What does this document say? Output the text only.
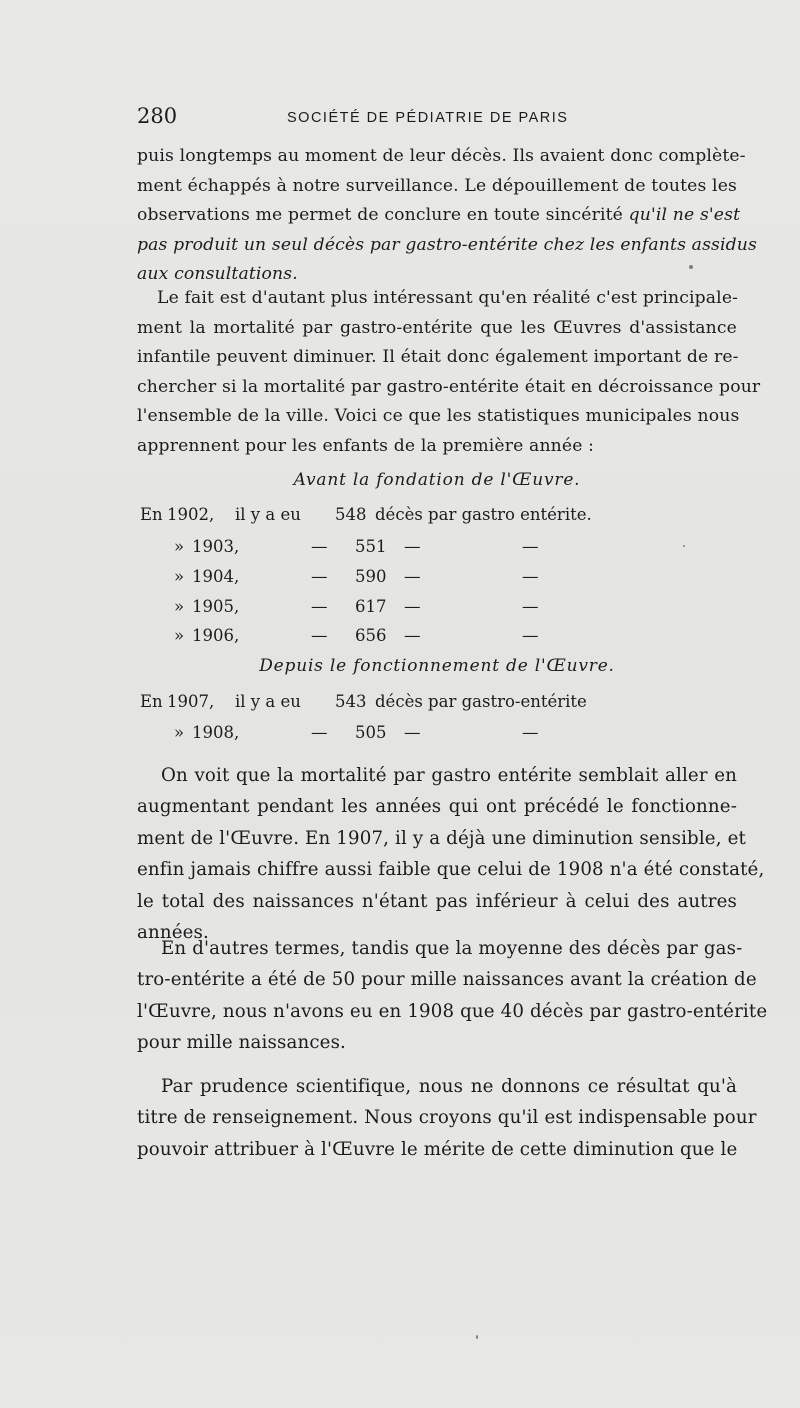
280	SOCIÉTÉ DE PÉDIATRIE DE PARIS
puis longtemps au moment de leur décès. Ils avaient donc complète-
ment échappés à notre surveillance. Le dépouillement de toutes les
observations me permet de conclure en toute sincérité qu'il ne s'est
pas produit un seul décès par gastro-entérite chez les enfants assidus
aux consultations.
Le fait est d'autant plus intéressant qu'en réalité c'est principale-
ment la mortalité par gastro-entérite que les Œuvres d'assistance
infantile peuvent diminuer. Il était donc également important de re-
chercher si la mortalité par gastro-entérite était en décroissance pour
l'ensemble de la ville. Voici ce que les statistiques municipales nous
apprennent pour les enfants de la première année :
Avant la fondation de l'Œuvre.
En 1902, il y a eu 548 décès par gastro entérite.
» 1903,	— 551 —	—
» 1904,	— 590 —	—
» 1905,	— 617 —	—
» 1906,	— 656 —	—
Depuis le fonctionnement de l'Œuvre.
En 1907, il y a eu 543 décès par gastro-entérite
» 1908,	— 505 —	—
On voit que la mortalité par gastro entérite semblait aller en
augmentant pendant les années qui ont précédé le fonctionne-
ment de l'Œuvre. En 1907, il y a déjà une diminution sensible, et
enfin jamais chiffre aussi faible que celui de 1908 n'a été constaté,
le total des naissances n'étant pas inférieur à celui des autres
années.
En d'autres termes, tandis que la moyenne des décès par gas-
tro-entérite a été de 50 pour mille naissances avant la création de
l'Œuvre, nous n'avons eu en 1908 que 40 décès par gastro-entérite
pour mille naissances.
Par prudence scientifique, nous ne donnons ce résultat qu'à
titre de renseignement. Nous croyons qu'il est indispensable pour
pouvoir attribuer à l'Œuvre le mérite de cette diminution que le
